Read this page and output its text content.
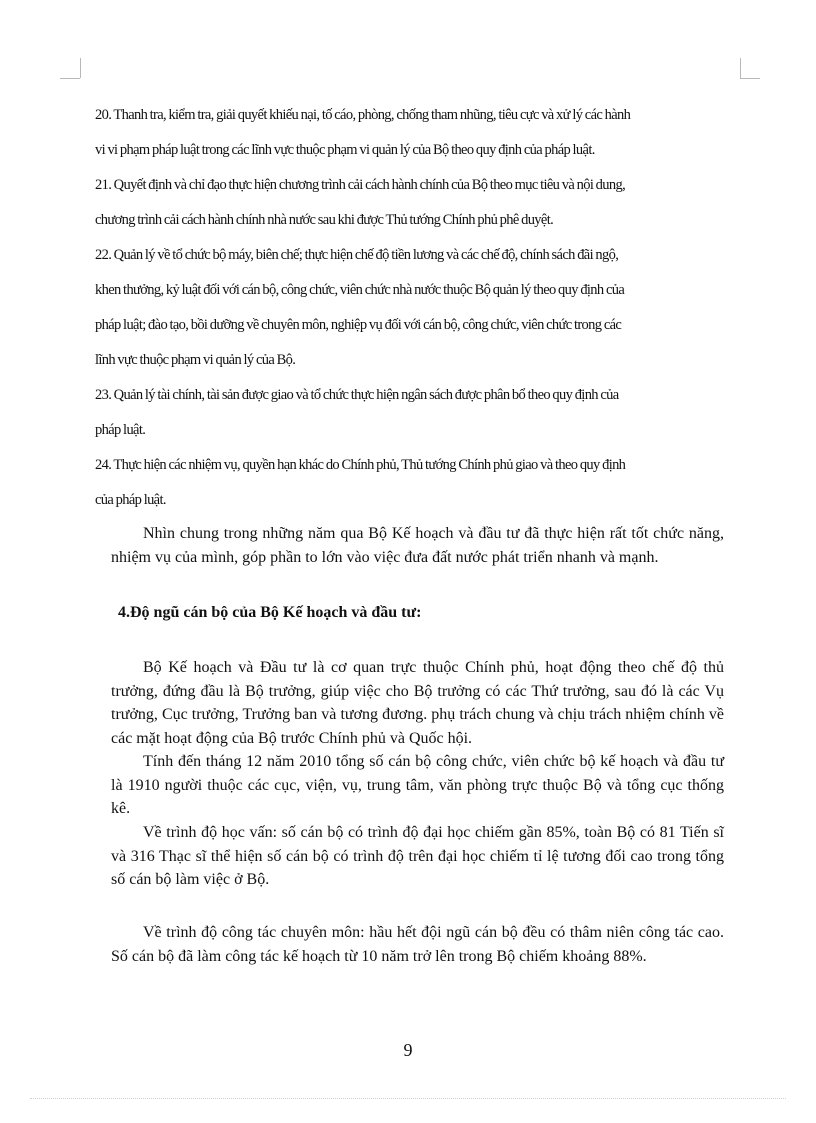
20. Thanh tra, kiểm tra, giải quyết khiếu nại, tố cáo, phòng, chống tham nhũng, tiêu cực và xử lý các hành

vi vi phạm pháp luật trong các lĩnh vực thuộc phạm vi quản lý của Bộ theo quy định của pháp luật.

21. Quyết định và chỉ đạo thực hiện chương trình cải cách hành chính của Bộ theo mục tiêu và nội dung,

chương trình cải cách hành chính nhà nước sau khi được Thủ tướng Chính phủ phê duyệt.

22. Quản lý về tổ chức bộ máy, biên chế; thực hiện chế độ tiền lương và các chế độ, chính sách đãi ngộ,

khen thưởng, kỷ luật đối với cán bộ, công chức, viên chức nhà nước thuộc Bộ quản lý theo quy định của

pháp luật; đào tạo, bồi dưỡng về chuyên môn, nghiệp vụ đối với cán bộ, công chức, viên chức trong các

lĩnh vực thuộc phạm vi quản lý của Bộ.

23. Quản lý tài chính, tài sản được giao và tổ chức thực hiện ngân sách được phân bổ theo quy định của

pháp luật.

24. Thực hiện các nhiệm vụ, quyền hạn khác do Chính phủ, Thủ tướng Chính phủ giao và theo quy định

của pháp luật.

Nhìn chung trong những năm qua Bộ Kế hoạch và đầu tư đã thực hiện rất tốt chức năng, nhiệm vụ của mình, góp phần to lớn vào việc đưa đất nước phát triển nhanh và mạnh.

4.Độ ngũ cán bộ của Bộ Kế hoạch và đầu tư:

Bộ Kế hoạch và Đầu tư là cơ quan trực thuộc Chính phủ, hoạt động theo chế độ thủ trưởng, đứng đầu là Bộ trưởng, giúp việc cho Bộ trưởng có các Thứ trưởng, sau đó là các Vụ trưởng, Cục trưởng, Trưởng ban và tương đương. phụ trách chung và chịu trách nhiệm chính về các mặt hoạt động của Bộ trước Chính phủ và Quốc hội.

Tính đến tháng 12 năm 2010 tổng số cán bộ công chức, viên chức bộ kế hoạch và đầu tư là 1910 người thuộc các cục, viện, vụ, trung tâm, văn phòng trực thuộc Bộ và tổng cục thống kê.

Về trình độ học vấn: số cán bộ có trình độ đại học chiếm gần 85%, toàn Bộ có 81 Tiến sĩ và 316 Thạc sĩ thể hiện số cán bộ có trình độ trên đại học chiếm tỉ lệ tương đối cao trong tổng số cán bộ làm việc ở Bộ.

Về trình độ công tác chuyên môn: hầu hết đội ngũ cán bộ đều có thâm niên công tác cao. Số cán bộ đã làm công tác kế hoạch từ 10 năm trở lên trong Bộ chiếm khoảng 88%.

9
